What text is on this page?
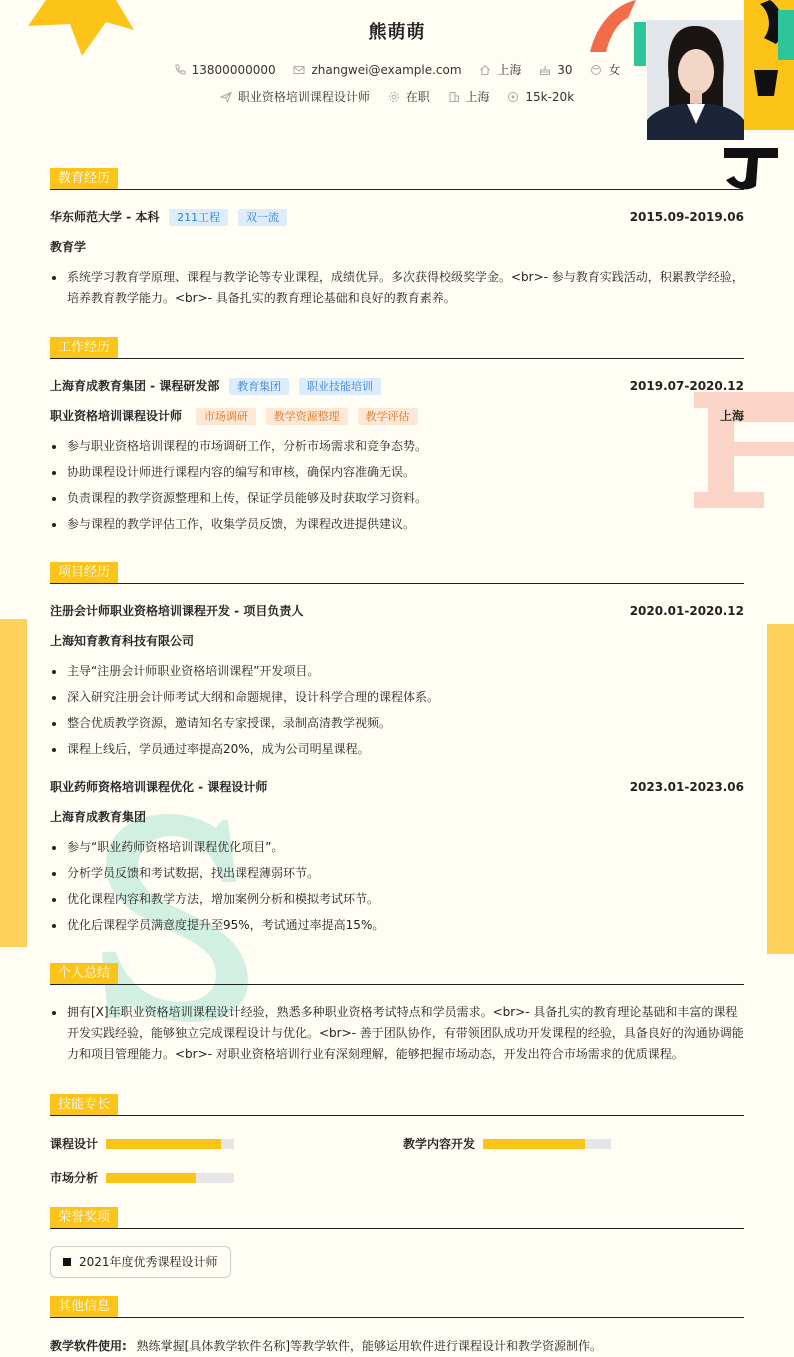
熊萌萌
13800000000
	zhangwei@example.com
	上海
	30
	女
职业资格培训课程设计师
	在职
	上海
	15k-20k
教育经历
华东师范大学 - 本科 211工程 双一流	2015.09-2019.06
教育学
系统学习教育学原理、课程与教学论等专业课程，成绩优异。多次获得校级奖学金。<br>- 参与教育实践活动，积累教学经验，培养教育教学能力。<br>- 具备扎实的教育理论基础和良好的教育素养。
工作经历
上海育成教育集团 - 课程研发部 教育集团 职业技能培训	2019.07-2020.12
职业资格培训课程设计师 市场调研 教学资源整理 教学评估	上海
参与职业资格培训课程的市场调研工作，分析市场需求和竞争态势。
协助课程设计师进行课程内容的编写和审核，确保内容准确无误。
负责课程的教学资源整理和上传，保证学员能够及时获取学习资料。
参与课程的教学评估工作，收集学员反馈，为课程改进提供建议。
项目经历
注册会计师职业资格培训课程开发 - 项目负责人	2020.01-2020.12
上海知育教育科技有限公司
主导“注册会计师职业资格培训课程”开发项目。
深入研究注册会计师考试大纲和命题规律，设计科学合理的课程体系。
整合优质教学资源，邀请知名专家授课，录制高清教学视频。
课程上线后，学员通过率提高20%，成为公司明星课程。
职业药师资格培训课程优化 - 课程设计师	2023.01-2023.06
上海育成教育集团
参与“职业药师资格培训课程优化项目”。
分析学员反馈和考试数据，找出课程薄弱环节。
优化课程内容和教学方法，增加案例分析和模拟考试环节。
优化后课程学员满意度提升至95%，考试通过率提高15%。
个人总结
拥有[X]年职业资格培训课程设计经验，熟悉多种职业资格考试特点和学员需求。<br>- 具备扎实的教育理论基础和丰富的课程开发实践经验，能够独立完成课程设计与优化。<br>- 善于团队协作，有带领团队成功开发课程的经验，具备良好的沟通协调能力和项目管理能力。<br>- 对职业资格培训行业有深刻理解，能够把握市场动态，开发出符合市场需求的优质课程。
技能专长
课程设计	教学内容开发
市场分析
荣誉奖项
2021年度优秀课程设计师
其他信息
教学软件使用: 熟练掌握[具体教学软件名称]等教学软件，能够运用软件进行课程设计和教学资源制作。
